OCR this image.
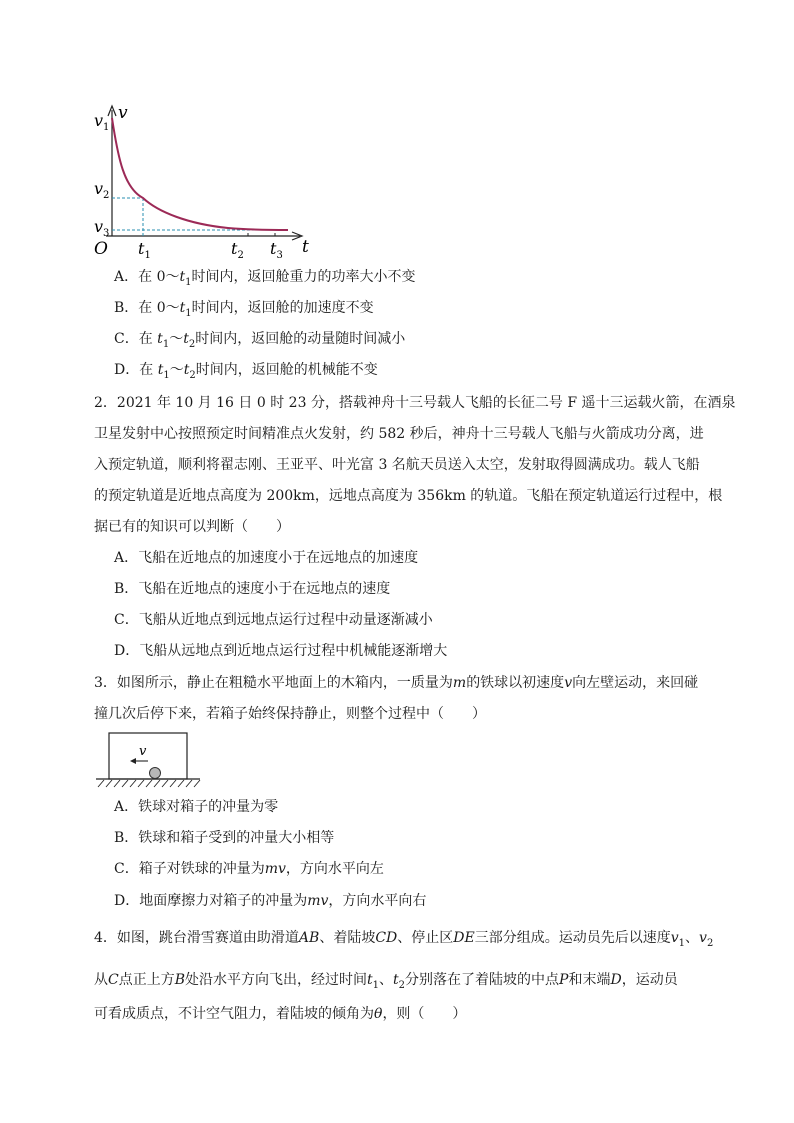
v
t
O
$v_1$
$v_2$
$v_3$
$t_1$	$t_2$ $t_3$
A．在 $0\sim t_1$时间内，返回舱重力的功率大小不变
B．在 $0\sim t_1$时间内，返回舱的加速度不变
C．在 $t_1\sim t_2$时间内，返回舱的动量随时间减小
D．在 $t_1\sim t_2$时间内，返回舱的机械能不变
2．2021 年 10 月 16 日 0 时 23 分，搭载神舟十三号载人飞船的长征二号 F 遥十三运载火箭，在酒泉
卫星发射中心按照预定时间精准点火发射，约 582 秒后，神舟十三号载人飞船与火箭成功分离，进
入预定轨道，顺利将翟志刚、王亚平、叶光富 3 名航天员送入太空，发射取得圆满成功。载人飞船
的预定轨道是近地点高度为 200km，远地点高度为 356km 的轨道。飞船在预定轨道运行过程中，根
据已有的知识可以判断（　　）
A．飞船在近地点的加速度小于在远地点的加速度
B．飞船在近地点的速度小于在远地点的速度
C．飞船从近地点到远地点运行过程中动量逐渐减小
D．飞船从远地点到近地点运行过程中机械能逐渐增大
3．如图所示，静止在粗糙水平地面上的木箱内，一质量为m的铁球以初速度v向左壁运动，来回碰
撞几次后停下来，若箱子始终保持静止，则整个过程中（　　）
v
A．铁球对箱子的冲量为零
B．铁球和箱子受到的冲量大小相等
C．箱子对铁球的冲量为mv，方向水平向左
D．地面摩擦力对箱子的冲量为mv，方向水平向右
4．如图，跳台滑雪赛道由助滑道AB、着陆坡CD、停止区DE三部分组成。运动员先后以速度$v_1$、$v_2$
从C点正上方B处沿水平方向飞出，经过时间$t_1$、$t_2$分别落在了着陆坡的中点P和末端D，运动员
可看成质点，不计空气阻力，着陆坡的倾角为θ，则（　　）
